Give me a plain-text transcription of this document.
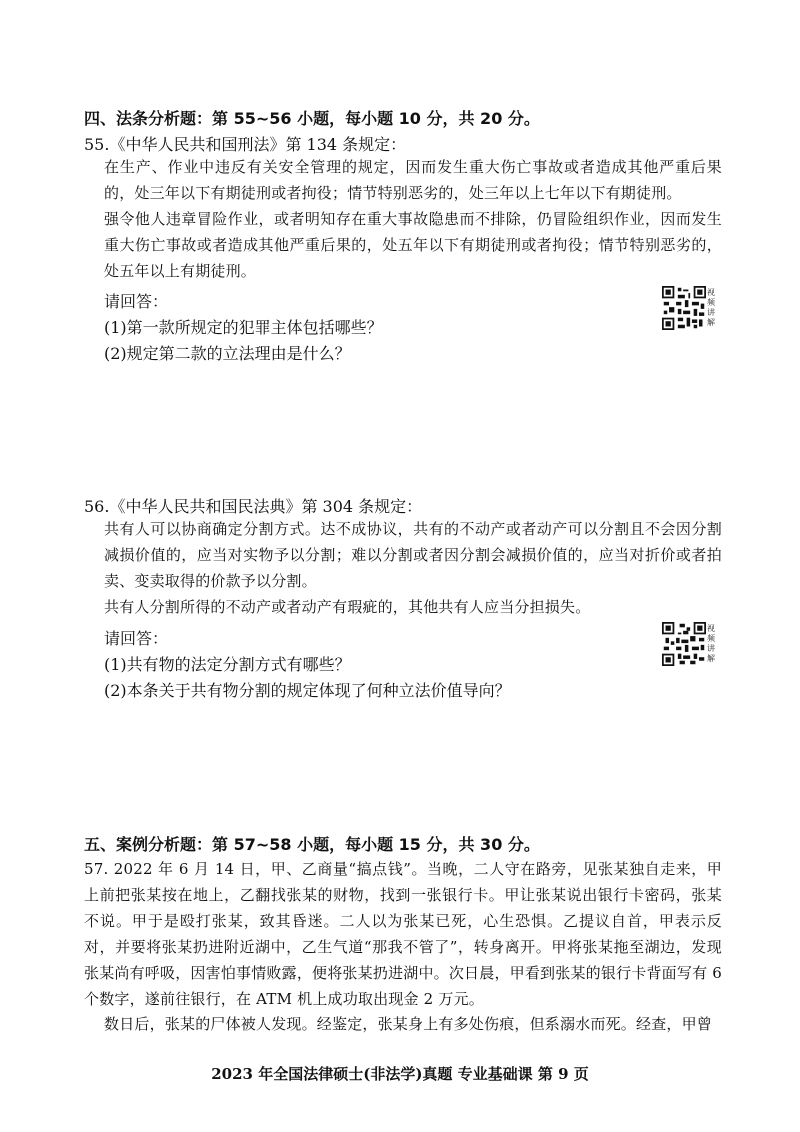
四、法条分析题：第 55~56 小题，每小题 10 分，共 20 分。
55.《中华人民共和国刑法》第 134 条规定：
在生产、作业中违反有关安全管理的规定，因而发生重大伤亡事故或者造成其他严重后果的，处三年以下有期徒刑或者拘役；情节特别恶劣的，处三年以上七年以下有期徒刑。
强令他人违章冒险作业，或者明知存在重大事故隐患而不排除，仍冒险组织作业，因而发生重大伤亡事故或者造成其他严重后果的，处五年以下有期徒刑或者拘役；情节特别恶劣的，处五年以上有期徒刑。
请回答：
(1)第一款所规定的犯罪主体包括哪些？
(2)规定第二款的立法理由是什么？
视频讲解
56.《中华人民共和国民法典》第 304 条规定：
共有人可以协商确定分割方式。达不成协议，共有的不动产或者动产可以分割且不会因分割减损价值的，应当对实物予以分割；难以分割或者因分割会减损价值的，应当对折价或者拍卖、变卖取得的价款予以分割。
共有人分割所得的不动产或者动产有瑕疵的，其他共有人应当分担损失。
请回答：
(1)共有物的法定分割方式有哪些？
(2)本条关于共有物分割的规定体现了何种立法价值导向？
视频讲解
五、案例分析题：第 57~58 小题，每小题 15 分，共 30 分。
57. 2022 年 6 月 14 日，甲、乙商量“搞点钱”。当晚，二人守在路旁，见张某独自走来，甲上前把张某按在地上，乙翻找张某的财物，找到一张银行卡。甲让张某说出银行卡密码，张某不说。甲于是殴打张某，致其昏迷。二人以为张某已死，心生恐惧。乙提议自首，甲表示反对，并要将张某扔进附近湖中，乙生气道“那我不管了”，转身离开。甲将张某拖至湖边，发现张某尚有呼吸，因害怕事情败露，便将张某扔进湖中。次日晨，甲看到张某的银行卡背面写有 6 个数字，遂前往银行，在 ATM 机上成功取出现金 2 万元。
数日后，张某的尸体被人发现。经鉴定，张某身上有多处伤痕，但系溺水而死。经查，甲曾
2023 年全国法律硕士(非法学)真题 专业基础课 第 9 页
